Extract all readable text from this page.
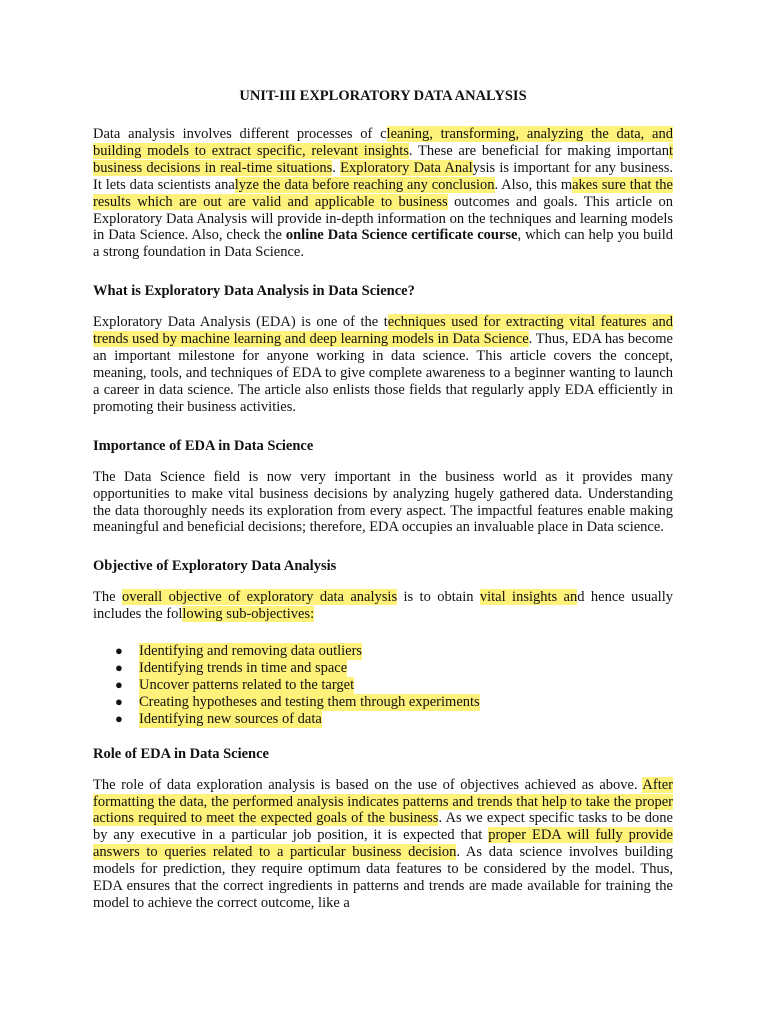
UNIT-III EXPLORATORY DATA ANALYSIS

Data analysis involves different processes of cleaning, transforming, analyzing the data, and building models to extract specific, relevant insights. These are beneficial for making important business decisions in real-time situations. Exploratory Data Analysis is important for any business. It lets data scientists analyze the data before reaching any conclusion. Also, this makes sure that the results which are out are valid and applicable to business outcomes and goals. This article on Exploratory Data Analysis will provide in-depth information on the techniques and learning models in Data Science. Also, check the online Data Science certificate course, which can help you build a strong foundation in Data Science.

What is Exploratory Data Analysis in Data Science?

Exploratory Data Analysis (EDA) is one of the techniques used for extracting vital features and trends used by machine learning and deep learning models in Data Science. Thus, EDA has become an important milestone for anyone working in data science. This article covers the concept, meaning, tools, and techniques of EDA to give complete awareness to a beginner wanting to launch a career in data science. The article also enlists those fields that regularly apply EDA efficiently in promoting their business activities.

Importance of EDA in Data Science

The Data Science field is now very important in the business world as it provides many opportunities to make vital business decisions by analyzing hugely gathered data. Understanding the data thoroughly needs its exploration from every aspect. The impactful features enable making meaningful and beneficial decisions; therefore, EDA occupies an invaluable place in Data science.

Objective of Exploratory Data Analysis

The overall objective of exploratory data analysis is to obtain vital insights and hence usually includes the following sub-objectives:

●	Identifying and removing data outliers
●	Identifying trends in time and space
●	Uncover patterns related to the target
●	Creating hypotheses and testing them through experiments
●	Identifying new sources of data
Role of EDA in Data Science

The role of data exploration analysis is based on the use of objectives achieved as above. After formatting the data, the performed analysis indicates patterns and trends that help to take the proper actions required to meet the expected goals of the business. As we expect specific tasks to be done by any executive in a particular job position, it is expected that proper EDA will fully provide answers to queries related to a particular business decision. As data science involves building models for prediction, they require optimum data features to be considered by the model. Thus, EDA ensures that the correct ingredients in patterns and trends are made available for training the model to achieve the correct outcome, like a
